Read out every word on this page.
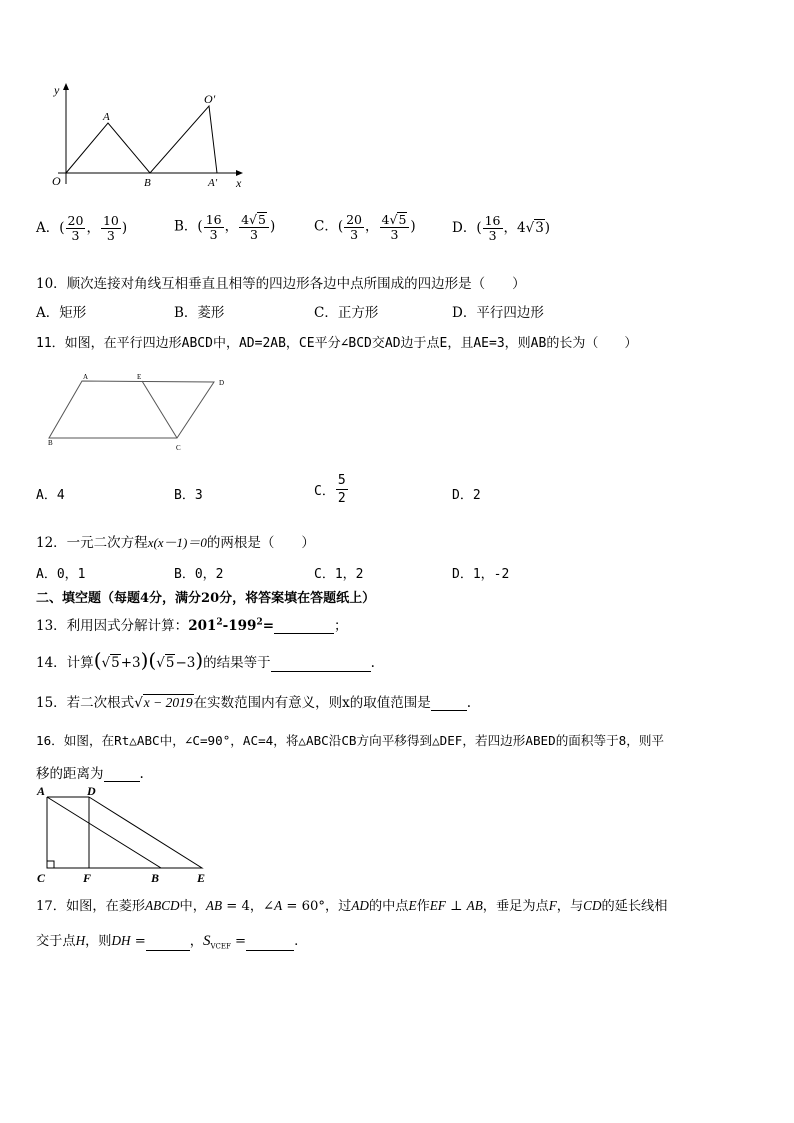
y
x
O
A
B	A′
O′
A．( $\frac{20}{3}$ ， $\frac{10}{3}$ )	B．( $\frac{16}{3}$ ， $\frac{4√5}{3}$ )	C．( $\frac{20}{3}$ ， $\frac{4√5}{3}$ )	D．( $\frac{16}{3}$ ，4√3)
10．顺次连接对角线互相垂直且相等的四边形各边中点所围成的四边形是（　　）
A．矩形	B．菱形	C．正方形	D．平行四边形
11．如图，在平行四边形ABCD中，AD=2AB，CE平分∠BCD交AD边于点E，且AE=3，则AB的长为（　　）
A	E
D
B
C
A．4	B．3	C． $\frac{5}{2}$	D．2
12．一元二次方程x(x－1)＝0的两根是（　　）
A．0，1	B．0，2	C．1，2	D．1，-2
二、填空题（每题4分，满分20分，将答案填在答题纸上）
13．利用因式分解计算：$201^2-199^2=$	；
14．计算(√5+3)(√5−3)的结果等于	.
15．若二次根式√x − 2019在实数范围内有意义，则x的取值范围是	.
16．如图，在Rt△ABC中，∠C=90°，AC=4，将△ABC沿CB方向平移得到△DEF，若四边形ABED的面积等于8，则平
移的距离为	.
A	D
C	F	B	E
17．如图，在菱形ABCD中，AB = 4，∠A = 60°，过AD的中点E作EF ⊥ AB，垂足为点F，与CD的延长线相
交于点H，则DH =	，$S_{VCEF}$ =	.
